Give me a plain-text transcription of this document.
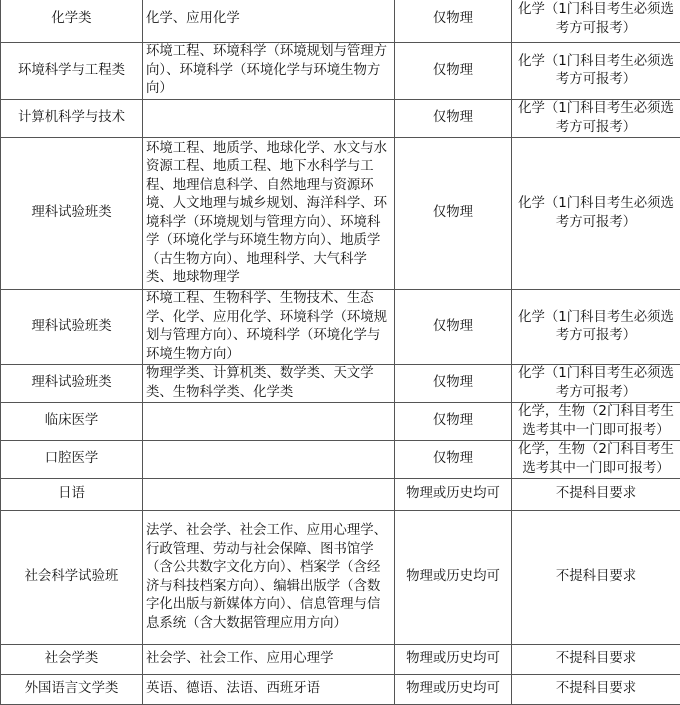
化学类	化学、应用化学	仅物理	化学（1门科目考生必须选考方可报考）
环境科学与工程类	环境工程、环境科学（环境规划与管理方向）、环境科学（环境化学与环境生物方向）	仅物理	化学（1门科目考生必须选考方可报考）
计算机科学与技术		仅物理	化学（1门科目考生必须选考方可报考）
理科试验班类	环境工程、地质学、地球化学、水文与水资源工程、地质工程、地下水科学与工程、地理信息科学、自然地理与资源环境、人文地理与城乡规划、海洋科学、环境科学（环境规划与管理方向）、环境科学（环境化学与环境生物方向）、地质学（古生物方向）、地理科学、大气科学类、地球物理学	仅物理	化学（1门科目考生必须选考方可报考）
理科试验班类	环境工程、生物科学、生物技术、生态学、化学、应用化学、环境科学（环境规划与管理方向）、环境科学（环境化学与环境生物方向）	仅物理	化学（1门科目考生必须选考方可报考）
理科试验班类	物理学类、计算机类、数学类、天文学类、生物科学类、化学类	仅物理	化学（1门科目考生必须选考方可报考）
临床医学		仅物理	化学，生物（2门科目考生选考其中一门即可报考）
口腔医学		仅物理	化学，生物（2门科目考生选考其中一门即可报考）
日语		物理或历史均可	不提科目要求
社会科学试验班	法学、社会学、社会工作、应用心理学、行政管理、劳动与社会保障、图书馆学（含公共数字文化方向）、档案学（含经济与科技档案方向）、编辑出版学（含数字化出版与新媒体方向）、信息管理与信息系统（含大数据管理应用方向）	物理或历史均可	不提科目要求
社会学类	社会学、社会工作、应用心理学	物理或历史均可	不提科目要求
外国语言文学类	英语、德语、法语、西班牙语	物理或历史均可	不提科目要求
